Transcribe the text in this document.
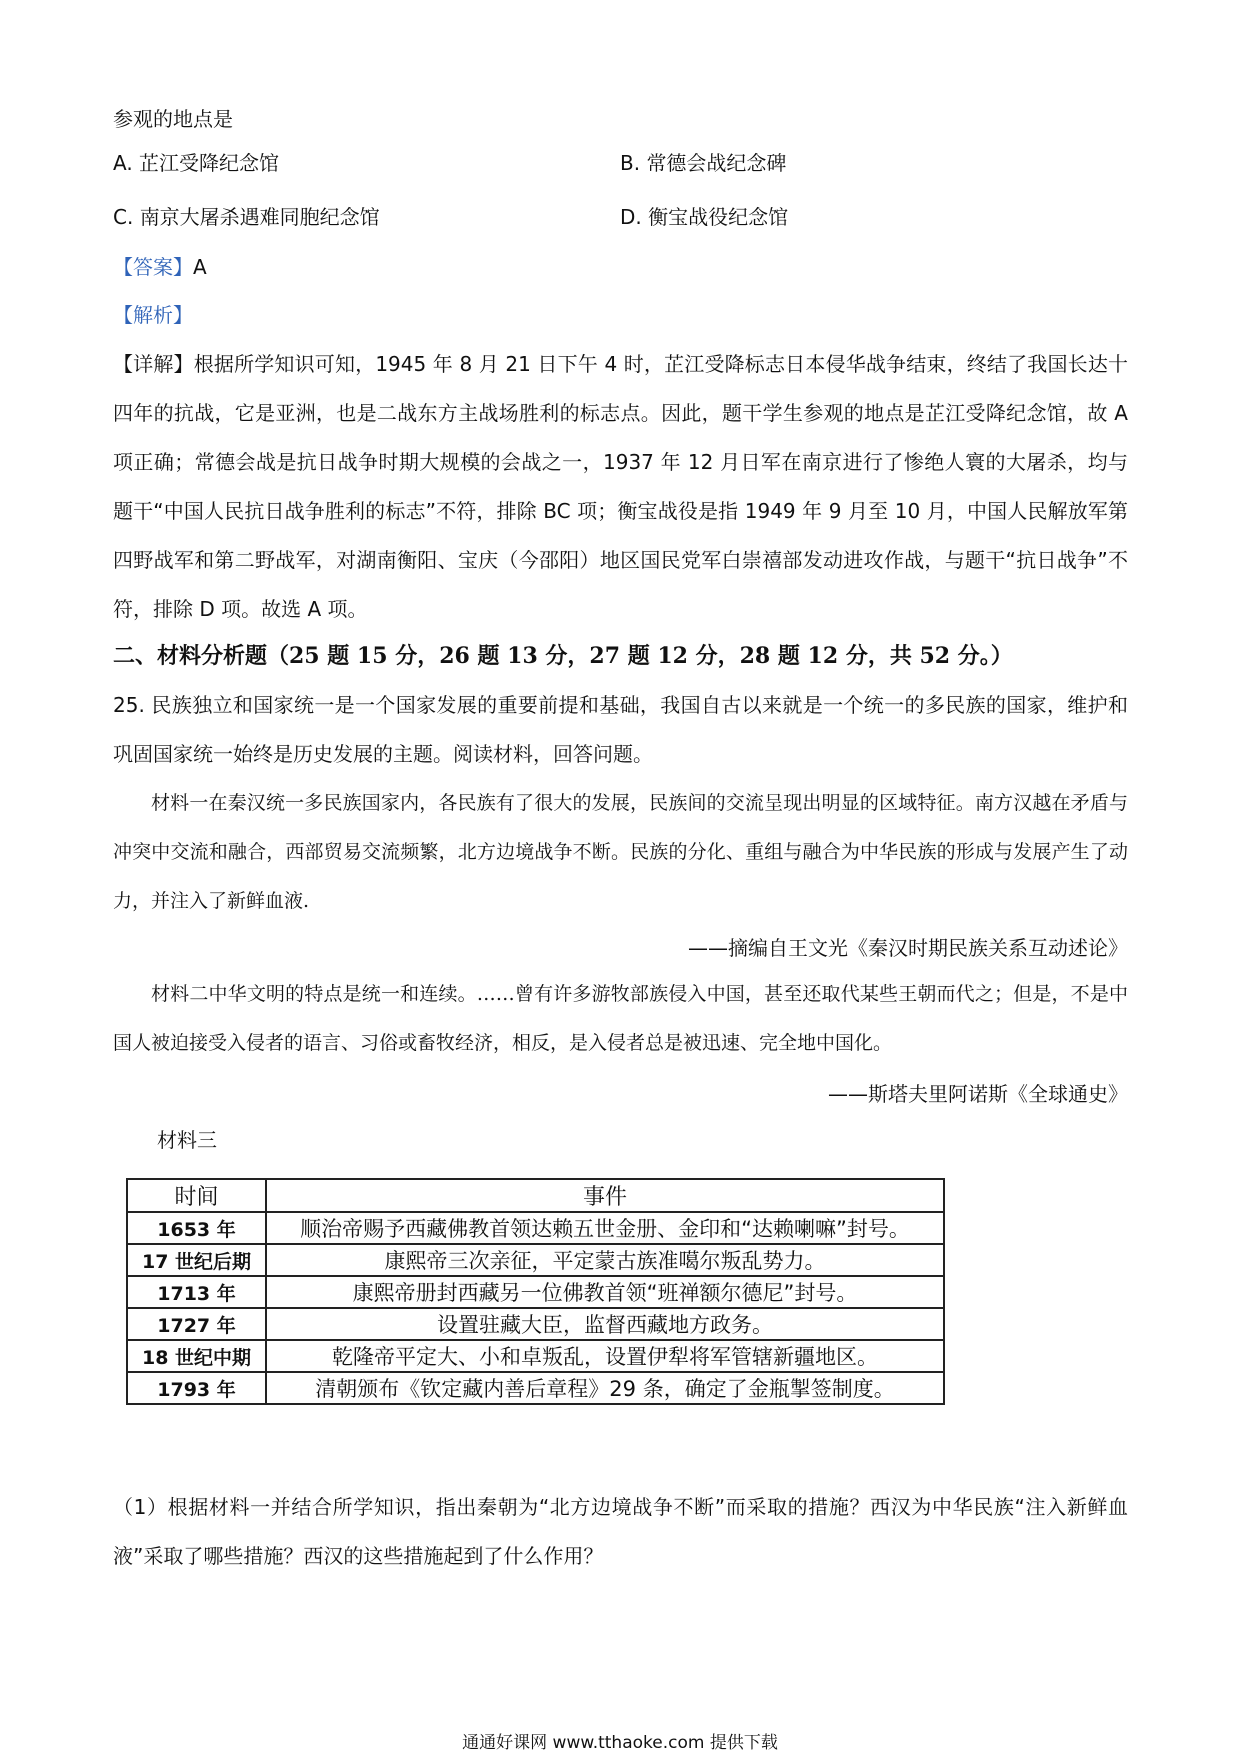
参观的地点是
A. 芷江受降纪念馆	B. 常德会战纪念碑
C. 南京大屠杀遇难同胞纪念馆	D. 衡宝战役纪念馆
【答案】A
【解析】
【详解】根据所学知识可知，1945 年 8 月 21 日下午 4 时，芷江受降标志日本侵华战争结束，终结了我国长达十四年的抗战，它是亚洲，也是二战东方主战场胜利的标志点。因此，题干学生参观的地点是芷江受降纪念馆，故 A 项正确；常德会战是抗日战争时期大规模的会战之一，1937 年 12 月日军在南京进行了惨绝人寰的大屠杀，均与题干“中国人民抗日战争胜利的标志”不符，排除 BC 项；衡宝战役是指 1949 年 9 月至 10 月，中国人民解放军第四野战军和第二野战军，对湖南衡阳、宝庆（今邵阳）地区国民党军白崇禧部发动进攻作战，与题干“抗日战争”不符，排除 D 项。故选 A 项。
二、材料分析题（25 题 15 分，26 题 13 分，27 题 12 分，28 题 12 分，共 52 分。）
25. 民族独立和国家统一是一个国家发展的重要前提和基础，我国自古以来就是一个统一的多民族的国家，维护和巩固国家统一始终是历史发展的主题。阅读材料，回答问题。
材料一在秦汉统一多民族国家内，各民族有了很大的发展，民族间的交流呈现出明显的区域特征。南方汉越在矛盾与冲突中交流和融合，西部贸易交流频繁，北方边境战争不断。民族的分化、重组与融合为中华民族的形成与发展产生了动力，并注入了新鲜血液.
——摘编自王文光《秦汉时期民族关系互动述论》
材料二中华文明的特点是统一和连续。……曾有许多游牧部族侵入中国，甚至还取代某些王朝而代之；但是，不是中国人被迫接受入侵者的语言、习俗或畜牧经济，相反，是入侵者总是被迅速、完全地中国化。
——斯塔夫里阿诺斯《全球通史》
材料三
时间	事件
1653 年	顺治帝赐予西藏佛教首领达赖五世金册、金印和“达赖喇嘛”封号。
17 世纪后期	康熙帝三次亲征，平定蒙古族准噶尔叛乱势力。
1713 年	康熙帝册封西藏另一位佛教首领“班禅额尔德尼”封号。
1727 年	设置驻藏大臣，监督西藏地方政务。
18 世纪中期	乾隆帝平定大、小和卓叛乱，设置伊犁将军管辖新疆地区。
1793 年	清朝颁布《钦定藏内善后章程》29 条，确定了金瓶掣签制度。
（1）根据材料一并结合所学知识，指出秦朝为“北方边境战争不断”而采取的措施？西汉为中华民族“注入新鲜血液”采取了哪些措施？西汉的这些措施起到了什么作用？
通通好课网 www.tthaoke.com 提供下载
